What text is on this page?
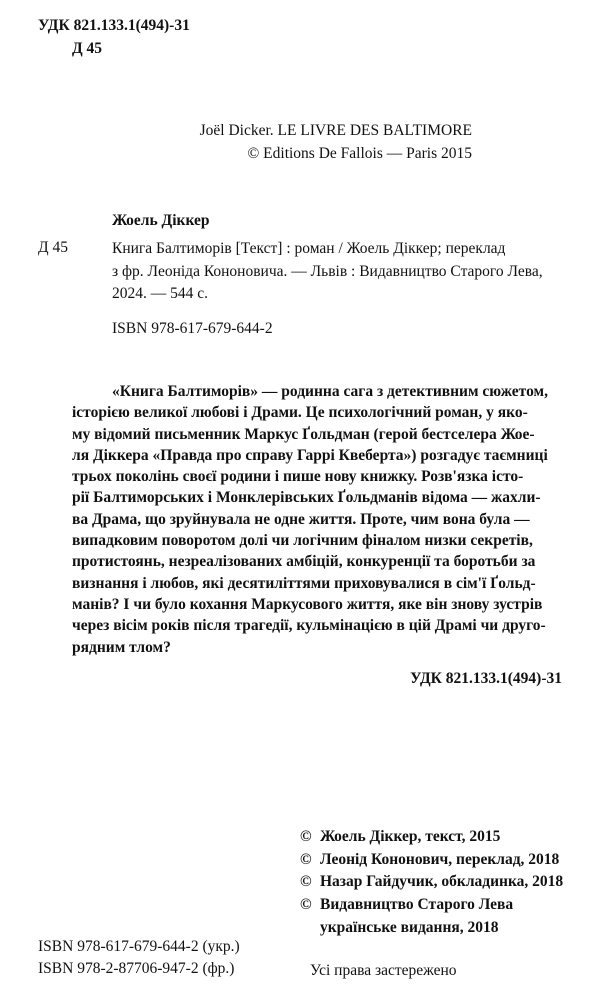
УДК 821.133.1(494)-31
Д 45
Joël Dicker. LE LIVRE DES BALTIMORE
© Editions De Fallois — Paris 2015
Жоель Діккер
Д 45	Книга Балтиморів [Текст] : роман / Жоель Діккер; переклад
з фр. Леоніда Кононовича. — Львів : Видавництво Старого Лева,
2024. — 544 с.
ISBN 978-617-679-644-2
«Книга Балтиморів» — родинна сага з детективним сюжетом,
історією великої любові і Драми. Це психологічний роман, у яко-
му відомий письменник Маркус Ґольдман (герой бестселера Жое-
ля Діккера «Правда про справу Гаррі Квеберта») розгадує таємниці
трьох поколінь своєї родини і пише нову книжку. Розв'язка істо-
рії Балтиморських і Монклерівських Ґольдманів відома — жахли-
ва Драма, що зруйнувала не одне життя. Проте, чим вона була —
випадковим поворотом долі чи логічним фіналом низки секретів,
протистоянь, незреалізованих амбіцій, конкуренції та боротьби за
визнання і любов, які десятиліттями приховувалися в сім'ї Ґольд-
манів? І чи було кохання Маркусового життя, яке він знову зустрів
через вісім років після трагедії, кульмінацією в цій Драмі чи друго-
рядним тлом?
УДК 821.133.1(494)-31
© Жоель Діккер, текст, 2015
© Леонід Кононович, переклад, 2018
© Назар Гайдучик, обкладинка, 2018
© Видавництво Старого Лева
українське видання, 2018
ISBN 978-617-679-644-2 (укр.)
ISBN 978-2-87706-947-2 (фр.)	Усі права застережено
